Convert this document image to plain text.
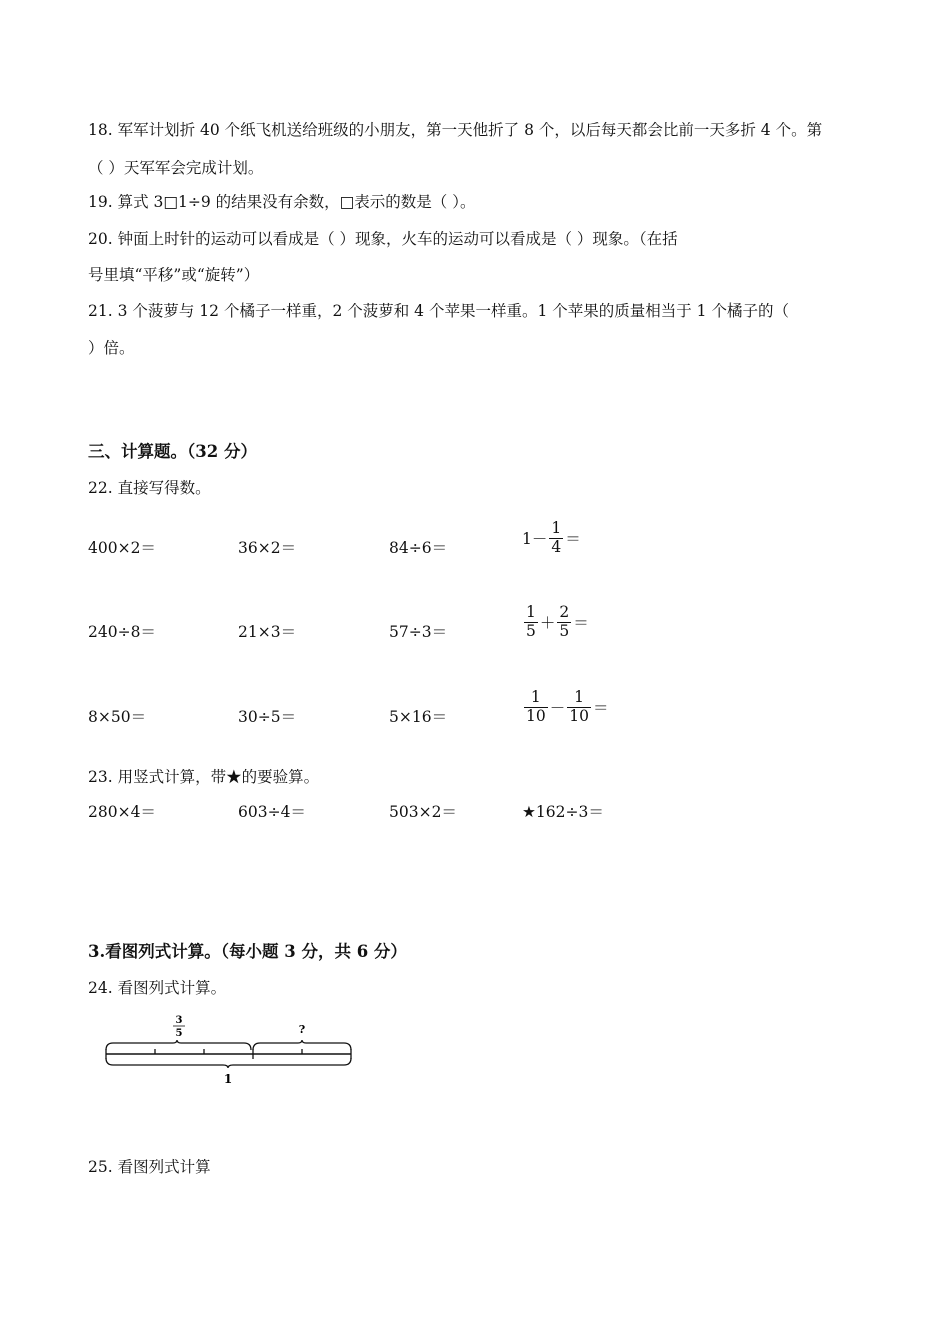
18. 军军计划折 40 个纸飞机送给班级的小朋友，第一天他折了 8 个，以后每天都会比前一天多折 4 个。第
（ ）天军军会完成计划。
19. 算式 3□1÷9 的结果没有余数，□表示的数是（ ）。
20. 钟面上时针的运动可以看成是（ ）现象，火车的运动可以看成是（ ）现象。（在括
号里填“平移”或“旋转”）
21. 3 个菠萝与 12 个橘子一样重，2 个菠萝和 4 个苹果一样重。1 个苹果的质量相当于 1 个橘子的（
）倍。
三、计算题。（32 分）
22. 直接写得数。
400×2＝	36×2＝	84÷6＝	$1- \frac{1}{4}$ ＝
240÷8＝	21×3＝	57÷3＝	$\frac{1}{5} + \frac{2}{5}$ ＝
8×50＝	30÷5＝	5×16＝	$\frac{1}{10} - \frac{1}{10}$ ＝
23. 用竖式计算，带★的要验算。
280×4＝	603÷4＝	503×2＝	★162÷3＝
3.看图列式计算。（每小题 3 分，共 6 分）
24. 看图列式计算。
3
5	?
1
25. 看图列式计算
